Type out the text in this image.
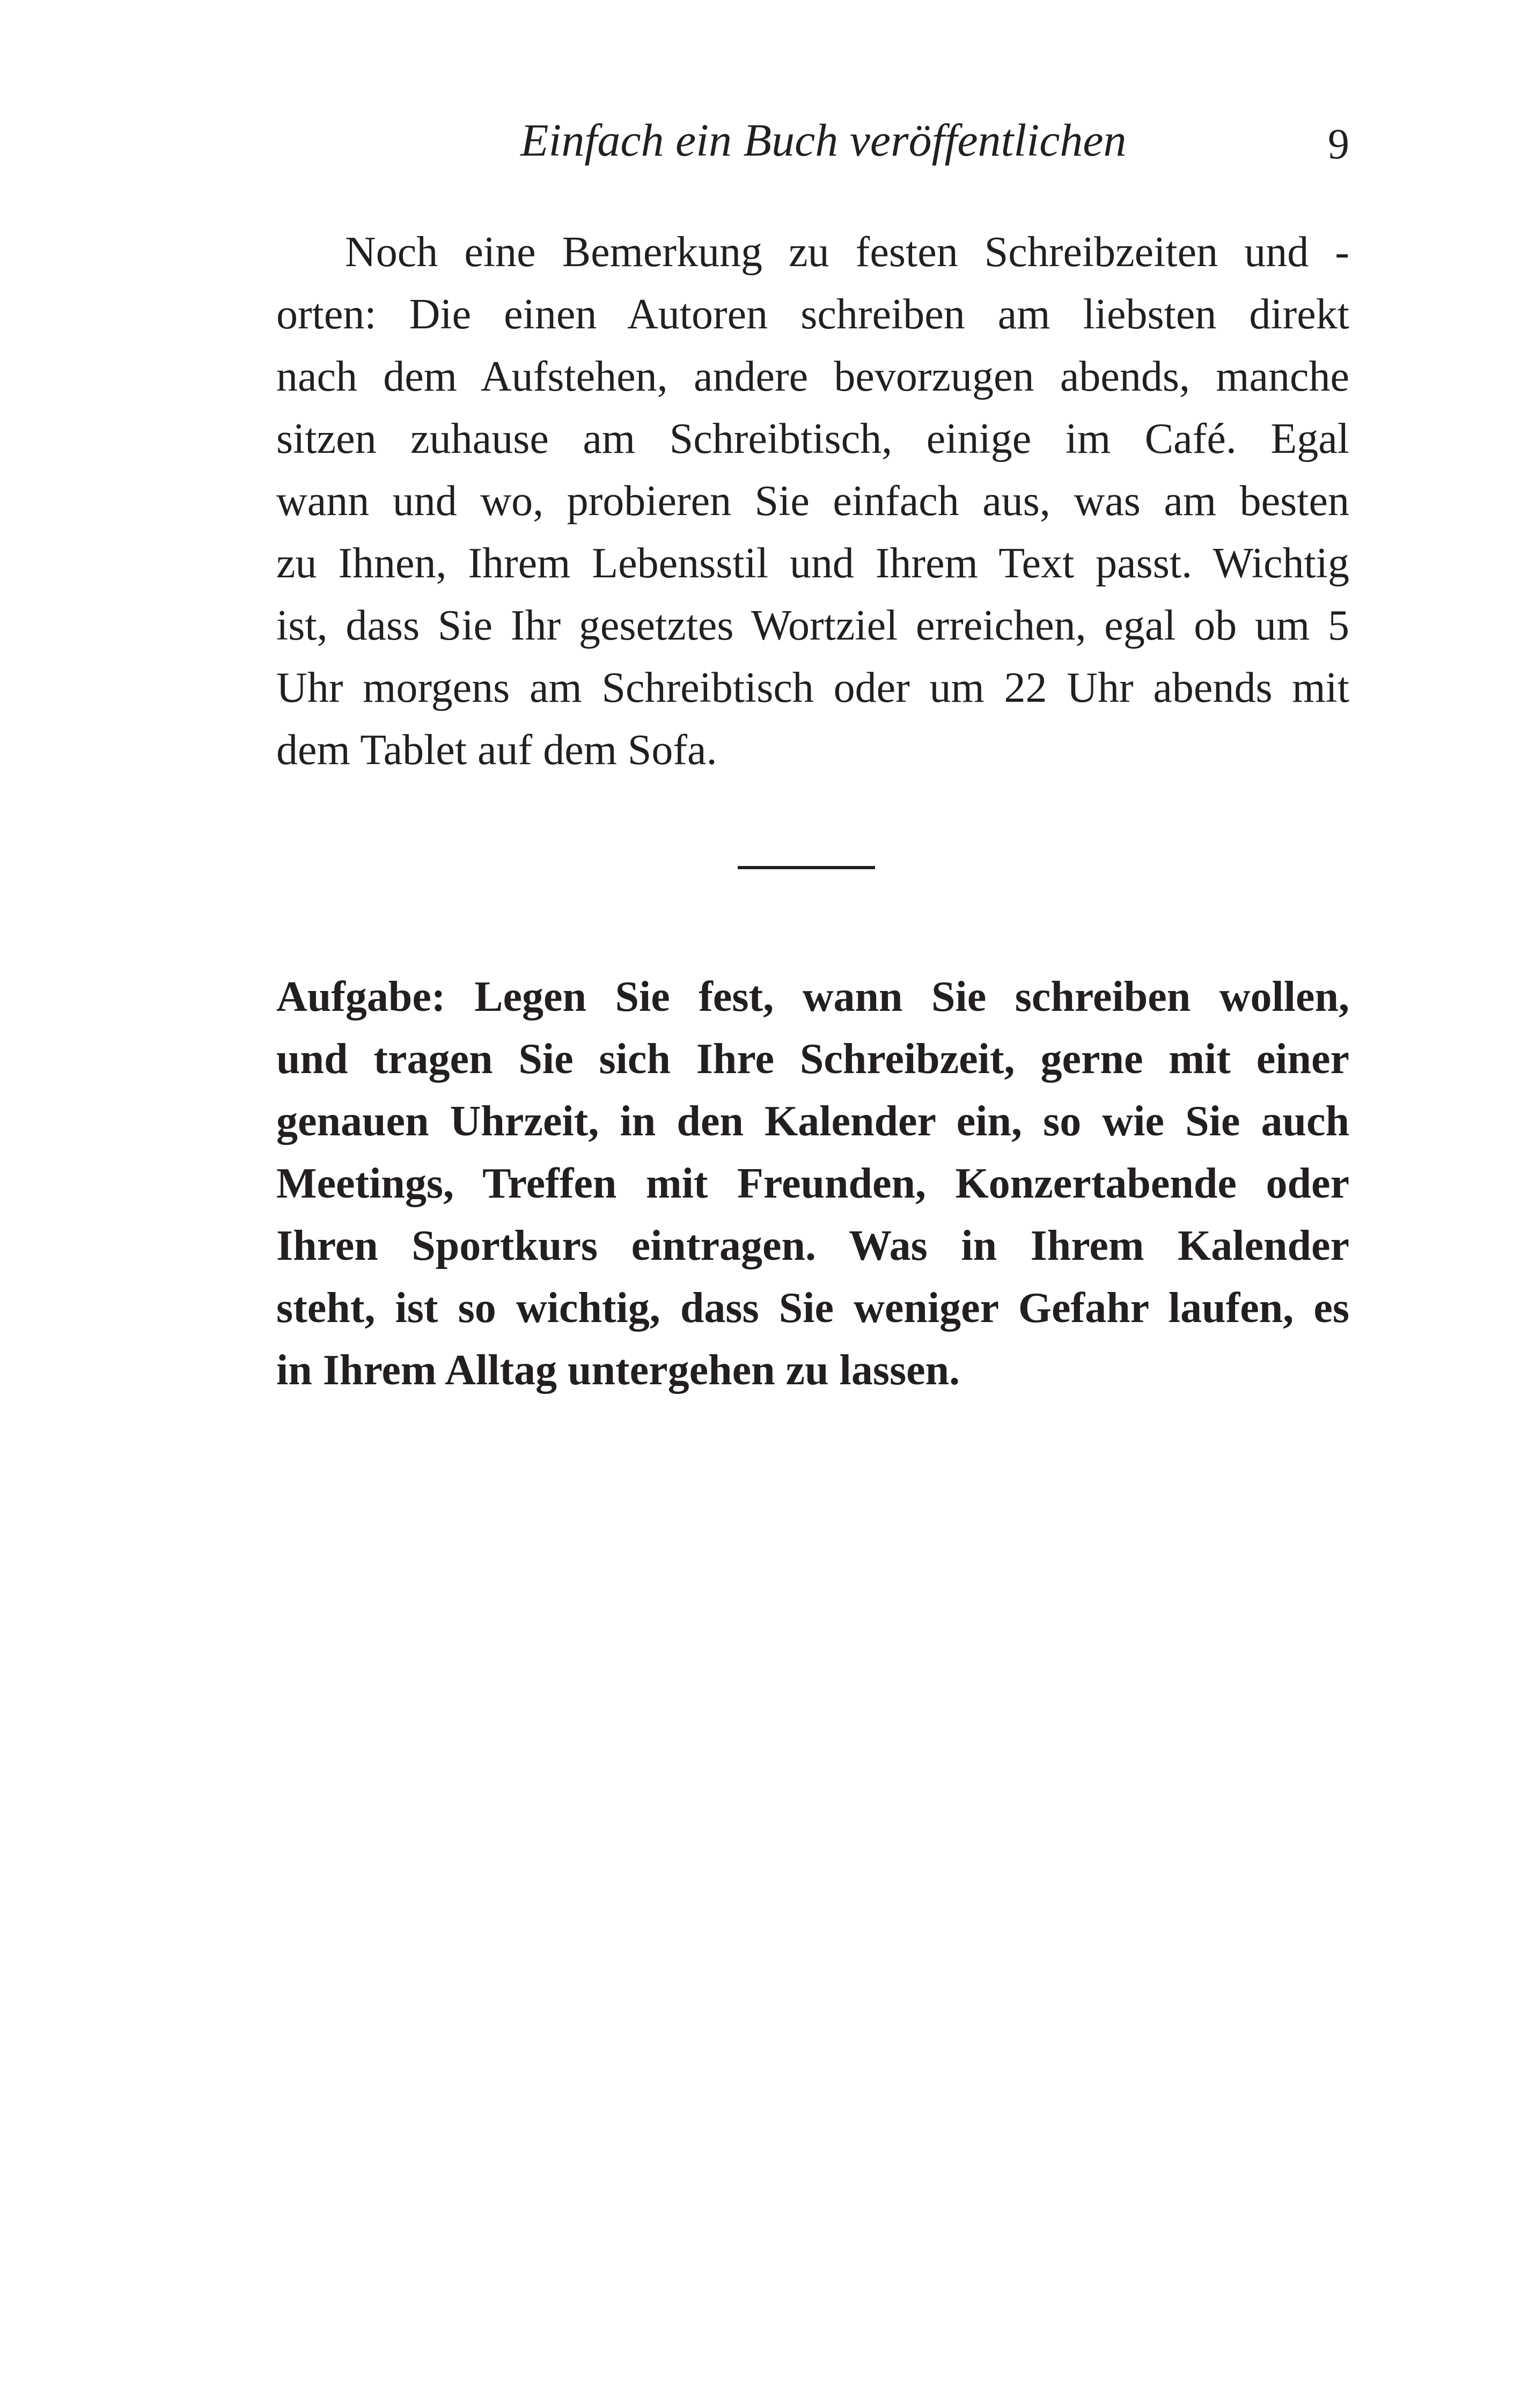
Einfach ein Buch veröffentlichen	9
Noch eine Bemerkung zu festen Schreibzeiten und -
orten: Die einen Autoren schreiben am liebsten direkt
nach dem Aufstehen, andere bevorzugen abends, manche
sitzen zuhause am Schreibtisch, einige im Café. Egal
wann und wo, probieren Sie einfach aus, was am besten
zu Ihnen, Ihrem Lebensstil und Ihrem Text passt. Wichtig
ist, dass Sie Ihr gesetztes Wortziel erreichen, egal ob um 5
Uhr morgens am Schreibtisch oder um 22 Uhr abends mit
dem Tablet auf dem Sofa.
Aufgabe: Legen Sie fest, wann Sie schreiben wollen,
und tragen Sie sich Ihre Schreibzeit, gerne mit einer
genauen Uhrzeit, in den Kalender ein, so wie Sie auch
Meetings, Treffen mit Freunden, Konzertabende oder
Ihren Sportkurs eintragen. Was in Ihrem Kalender
steht, ist so wichtig, dass Sie weniger Gefahr laufen, es
in Ihrem Alltag untergehen zu lassen.
